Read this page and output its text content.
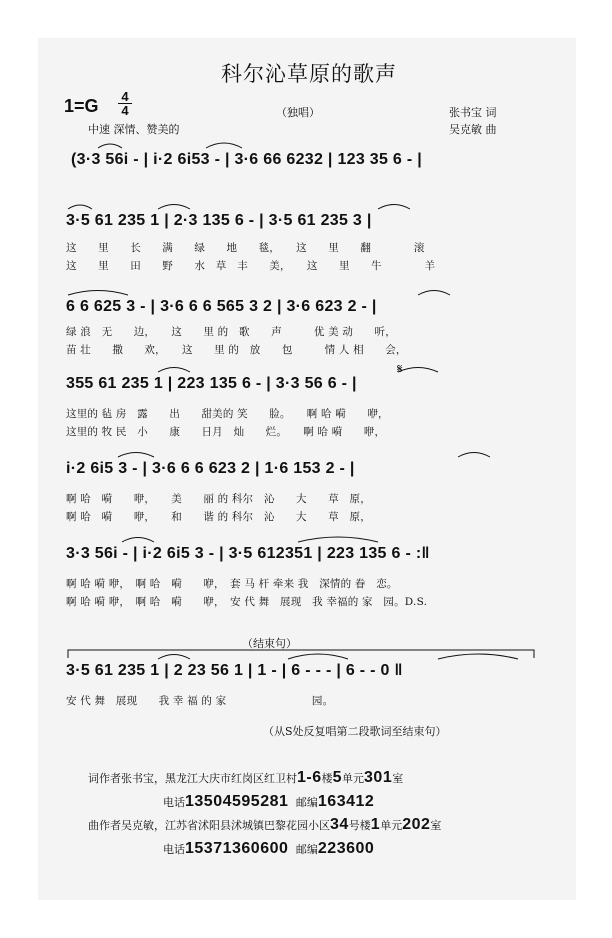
科尔沁草原的歌声
1=G 4
4	（独唱）	张书宝 词
中速 深情、赞美的	吴克敏 曲
(3·3 56i - | i·2 6i53 - | 3·6 66 6232 | 123 35 6 - |
3·5 61 235 1 | 2·3 135 6 - | 3·5 61 235 3 |
这　　里　　长　　满　　绿　　地　　毯，　　这　　里　　翻　　　　滚
这　　里　　田　　野　　水　草　丰　　美，　　这　　里　　牛　　　　羊
6 6 625 3 - | 3·6 6 6 565 3 2 | 3·6 623 2 - |
绿 浪　无　　边，　　这　　里 的　歌　　声　　　优 美 动　　听，
苗 壮　　撒　　欢，　　这　　里 的　放　　包　　　情 人 相　　会，
𝄋
355 61 235 1 | 223 135 6 - | 3·3 56 6 - |
这里的 毡 房　露　　出　　甜美的 笑　　脸。　　啊 哈 嗬　　咿，
这里的 牧 民　小　　康　　日月　灿　　烂。　　啊 哈 嗬　　咿，
i·2 6i5 3 - | 3·6 6 6 623 2 | 1·6 153 2 - |
啊 哈　嗬　　咿，　　美　　丽 的 科尔　沁　　大　　草　原，
啊 哈　嗬　　咿，　　和　　谐 的 科尔　沁　　大　　草　原，
3·3 56i - | i·2 6i5 3 - | 3·5 612351 | 223 135 6 - :‖
啊 哈 嗬 咿，　啊 哈　嗬　　咿，　套 马 杆 牵来 我　深情的 眷　恋。
啊 哈 嗬 咿，　啊 哈　嗬　　咿，　安 代 舞　展现　我 幸福的 家　园。D.S.
（结束句）
3·5 61 235 1 | 2 23 56 1 | 1 - | 6 - - - | 6 - - 0 ‖
安 代 舞　展现　　我 幸 福 的 家　　　　　　　　园。
（从S处反复唱第二段歌词至结束句）
词作者张书宝，黑龙江大庆市红岗区红卫村1-6楼5单元301室
电话13504595281 邮编163412
曲作者吴克敏，江苏省沭阳县沭城镇巴黎花园小区34号楼1单元202室
电话15371360600 邮编223600
